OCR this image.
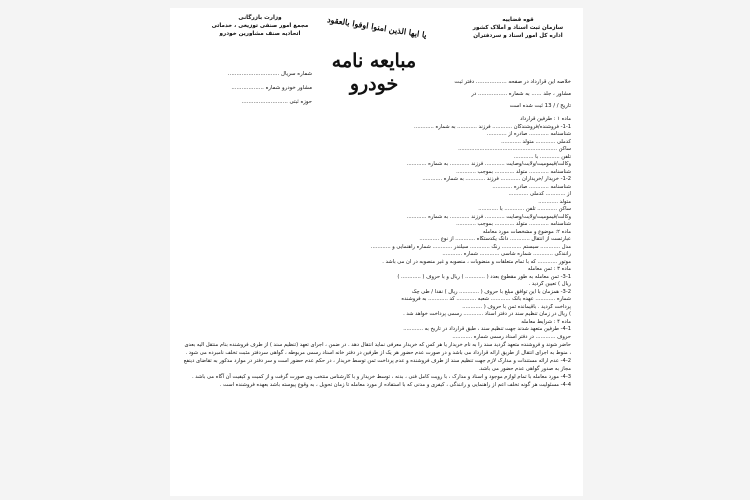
قوه قضاییه
سازمان ثبت اسناد و املاک کشور
اداره کل امور اسناد و سردفتران
وزارت بازرگانی
مجمع امور صنفی توزیعی ، خدماتی
اتحادیه صنف مشاورین خودرو	یا ایها الذین امنوا اوفوا بالعقود
مبایعه نامه
خودرو
شماره سریال ..............................
مشاور خودرو شماره ...................
حوزه ثبتی ...........................
خلاصه این قرارداد در صفحه .................. دفتر ثبت
مشاور ، جلد ...... به شماره ................. در
تاریخ / / 13 ثبت شده است
ماده ۱ : طرفین قرارداد
1-1- فروشنده/فروشندگان ............ فرزند ............ به شماره ............
شناسنامه ............ صادره از ............
کدملی ............ متولد ............
ساکن ............................................................
تلفن ............ با ............
وکالت/قیمومیت/ولایت/وصایت ............ فرزند ............ به شماره ............
شناسنامه ............ متولد ............ بموجب ............
1-2- خریدار /خریداران ............ فرزند ............ به شماره ............
شناسنامه ............ صادره ............
از ............ کدملی ............
متولد ............
ساکن ............ تلفن ............ با ............
وکالت/قیمومیت/ولایت/وصایت ............ فرزند ............ به شماره ............
شناسنامه ............ متولد ............ بموجب ............
ماده ۲: موضوع و مشخصات مورد معامله
عبارتست از انتقال ............ دانگ یکدستگاه ............ از نوع ............
مدل ............ سیستم ............ رنگ ............ سیلندر ............ شماره راهنمایی و ............
رانندگی ............ شماره شاسی ............ شماره ............
موتور ............ که با تمام متعلقات و منضوبات ، منصوبه و غیر منصوبه در آن می باشد .
ماده ۳ : ثمن معامله
3-1- ثمن معامله به طور مقطوع بعدد ( ............ ) ریال و با حروف ( ............ )
ریال ) تعیین گردید .
3-2- همزمان با این توافق مبلغ با حروف ( ............ ریال ) نقدا / طی چک
شماره ............ عهده بانک ............ شعبه ............ کد ............ به فروشنده
پرداخت گردید . باقیمانده ثمن با حروف ( ............
) ریال در زمان تنظیم سند در دفتر اسناد ............ رسمی پرداخت خواهد شد .
ماده ۴ : شرایط معامله
4-1- طرفین متعهد شدند جهت تنظیم سند ، طبق قرارداد در تاریخ به ............
حروف ............ در دفتر اسناد رسمی شماره ............
حاضر شوند و فروشنده متعهد گردید سند را به نام خریدار یا هر کس که خریدار معرفی نماید انتقال دهد . در ضمن ، اجرای تعهد (تنظیم سند ) از طرف فروشنده بنام منتقل الیه بعدی ، منوط به اجرای انتقال از طریق ارائه قرارداد می باشد و در صورت عدم حضور هر یک از طرفین در دفتر خانه اسناد رسمی مربوطه ، گواهی سردفتر مثبت تخلف نامبرده می شود .
4-2- عدم ارائه مستندات و مدارک لازم جهت تنظیم سند از طرف فروشنده و عدم پرداخت ثمن توسط خریدار ، در حکم عدم حضور است و سر دفتر در موارد مذکور به تقاضای ذینفع مجاز به صدور گواهی عدم حضور می باشد.
4-3- مورد معامله با تمام لوازم موجود و اسناد و مدارک ، با رویت کامل فنی ، بدنه ، توسط خریدار و با کارشناس منتخب وی صورت گرفت و از کمیت و کیفیت آن آگاه می باشد .
4-4- مسئولیت هر گونه تخلف اعم از راهنمایی و رانندگی ، کیفری و مدنی که با استفاده از مورد معامله تا زمان تحویل ، به وقوع پیوسته باشد بعهده فروشنده است .
